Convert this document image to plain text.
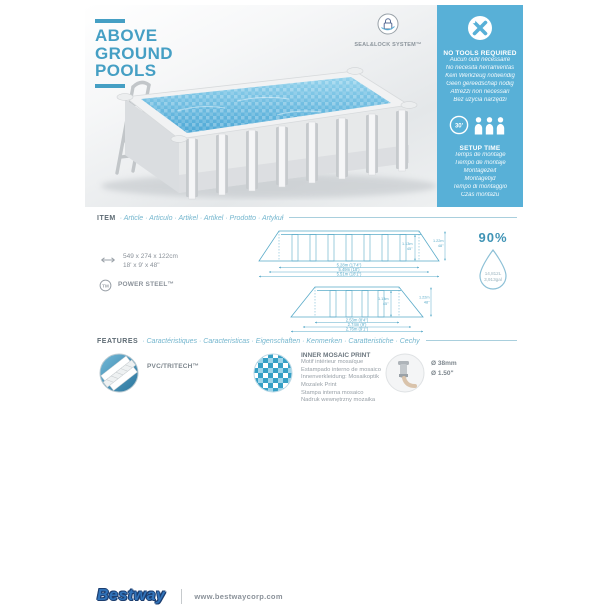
ABOVE
GROUND
POOLS
SEAL&LOCK SYSTEM™
NO TOOLS REQUIRED
Aucun outil nécessaire
No necesita herramientas
Kein Werkzeug notwendig
Geen gereedschap nodig
Attrezzi non necessari
Bez użycia narzędzi
30'
SETUP TIME
Temps de montage
Tiempo de montaje
Montagezeit
Montagetijd
Tempo di montaggio
Czas montażu
ITEM · Article · Articulo · Artikel · Artikel · Prodotto · Artykuł
549 x 274 x 122cm
18' x 9' x 48"
TM POWER STEEL™
1.13m
45"
1.22m
48"
5.28m (17'4")
5.49m (18')
5.51m (18'1")
1.13m
45"
1.22m
48"
2.53m (8'4")
2.74m (9')
2.76m (9'1")
90%
14,812L
3,913gal
FEATURES · Caractéristiques · Caracteristicas · Eigenschaften · Kenmerken · Caratteristiche · Cechy
PVC/TRITECH™
INNER MOSAIC PRINT
Motif intérieur mosaïque
Estampado interno de mosaico
Innenverkleidung: Mosaikoptik
Mozaïek Print
Stampa interna mosaico
Nadruk wewnętrzny mozaika
Ø 38mm
Ø 1.50"
Bestway	www.bestwaycorp.com
